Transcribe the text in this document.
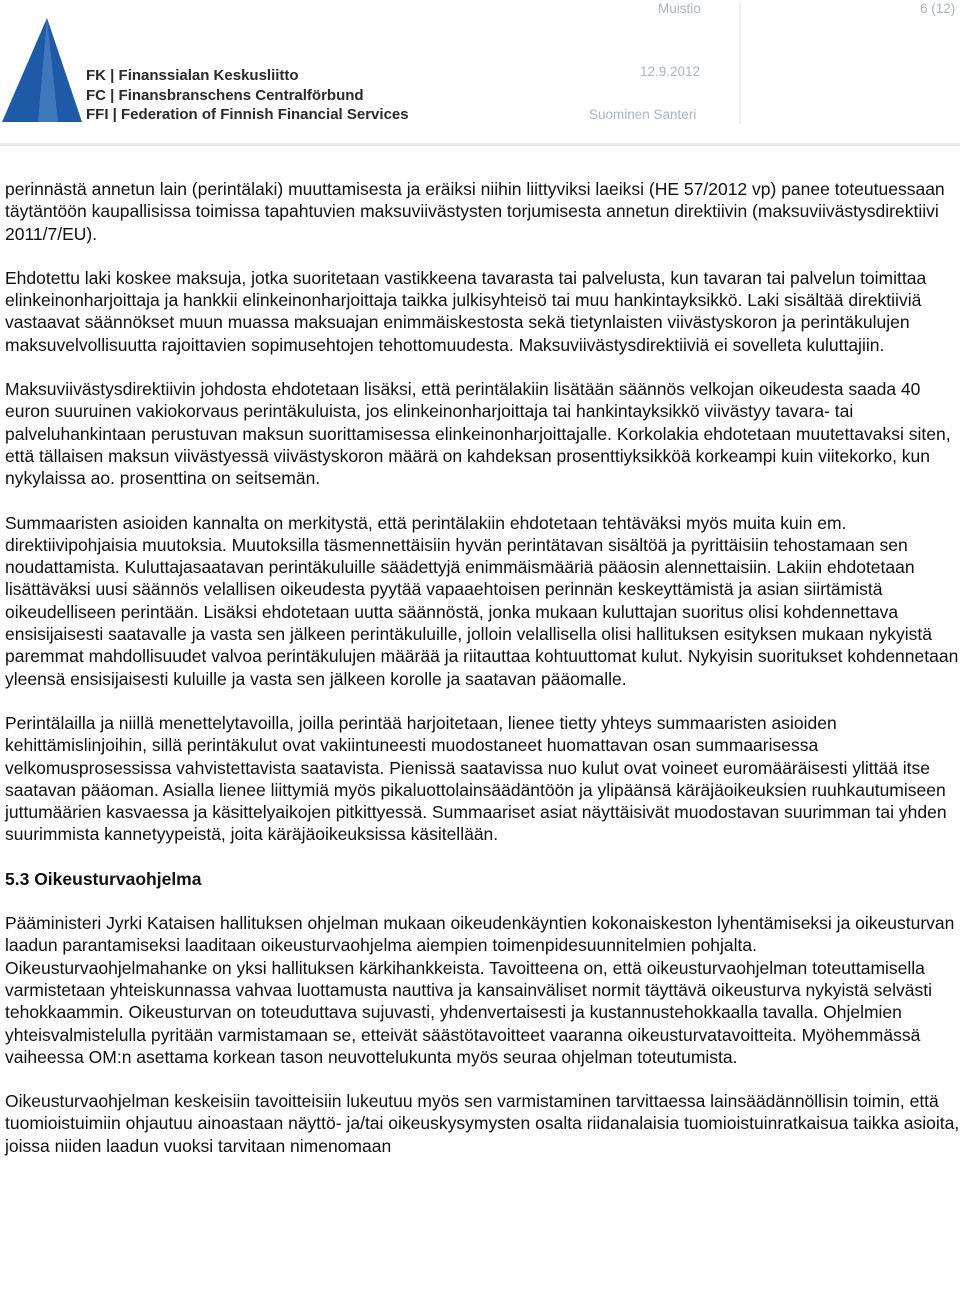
FK | Finanssialan Keskusliitto
FC | Finansbranschens Centralförbund
FFI | Federation of Finnish Financial Services
Muistio	6 (12)
12.9.2012
Suominen Santeri

perinnästä annetun lain (perintälaki) muuttamisesta ja eräiksi niihin liittyviksi laeiksi (HE 57/2012 vp) panee toteutuessaan täytäntöön kaupallisissa toimissa tapahtuvien maksuviivästysten torjumisesta annetun direktiivin (maksuviivästysdirektiivi 2011/7/EU).

Ehdotettu laki koskee maksuja, jotka suoritetaan vastikkeena tavarasta tai palvelusta, kun tavaran tai palvelun toimittaa elinkeinonharjoittaja ja hankkii elinkeinonharjoittaja taikka julkisyhteisö tai muu hankintayksikkö. Laki sisältää direktiiviä vastaavat säännökset muun muassa maksuajan enimmäiskestosta sekä tietynlaisten viivästyskoron ja perintäkulujen maksuvelvollisuutta rajoittavien sopimusehtojen tehottomuudesta. Maksuviivästysdirektiiviä ei sovelleta kuluttajiin.

Maksuviivästysdirektiivin johdosta ehdotetaan lisäksi, että perintälakiin lisätään säännös velkojan oikeudesta saada 40 euron suuruinen vakiokorvaus perintäkuluista, jos elinkeinonharjoittaja tai hankintayksikkö viivästyy tavara- tai palveluhankintaan perustuvan maksun suorittamisessa elinkeinonharjoittajalle. Korkolakia ehdotetaan muutettavaksi siten, että tällaisen maksun viivästyessä viivästyskoron määrä on kahdeksan prosenttiyksikköä korkeampi kuin viitekorko, kun nykylaissa ao. prosenttina on seitsemän.

Summaaristen asioiden kannalta on merkitystä, että perintälakiin ehdotetaan tehtäväksi myös muita kuin em. direktiivipohjaisia muutoksia. Muutoksilla täsmennettäisiin hyvän perintätavan sisältöä ja pyrittäisiin tehostamaan sen noudattamista. Kuluttajasaatavan perintäkuluille säädettyjä enimmäismääriä pääosin alennettaisiin. Lakiin ehdotetaan lisättäväksi uusi säännös velallisen oikeudesta pyytää vapaaehtoisen perinnän keskeyttämistä ja asian siirtämistä oikeudelliseen perintään. Lisäksi ehdotetaan uutta säännöstä, jonka mukaan kuluttajan suoritus olisi kohdennettava ensisijaisesti saatavalle ja vasta sen jälkeen perintäkuluille, jolloin velallisella olisi hallituksen esityksen mukaan nykyistä paremmat mahdollisuudet valvoa perintäkulujen määrää ja riitauttaa kohtuuttomat kulut. Nykyisin suoritukset kohdennetaan yleensä ensisijaisesti kuluille ja vasta sen jälkeen korolle ja saatavan pääomalle.

Perintälailla ja niillä menettelytavoilla, joilla perintää harjoitetaan, lienee tietty yhteys summaaristen asioiden kehittämislinjoihin, sillä perintäkulut ovat vakiintuneesti muodostaneet huomattavan osan summaarisessa velkomusprosessissa vahvistettavista saatavista. Pienissä saatavissa nuo kulut ovat voineet euromääräisesti ylittää itse saatavan pääoman. Asialla lienee liittymiä myös pikaluottolainsäädäntöön ja ylipäänsä käräjäoikeuksien ruuhkautumiseen juttumäärien kasvaessa ja käsittelyaikojen pitkittyessä. Summaariset asiat näyttäisivät muodostavan suurimman tai yhden suurimmista kannetyypeistä, joita käräjäoikeuksissa käsitellään.

5.3 Oikeusturvaohjelma

Pääministeri Jyrki Kataisen hallituksen ohjelman mukaan oikeudenkäyntien kokonaiskeston lyhentämiseksi ja oikeusturvan laadun parantamiseksi laaditaan oikeusturvaohjelma aiempien toimenpidesuunnitelmien pohjalta. Oikeusturvaohjelmahanke on yksi hallituksen kärkihankkeista. Tavoitteena on, että oikeusturvaohjelman toteuttamisella varmistetaan yhteiskunnassa vahvaa luottamusta nauttiva ja kansainväliset normit täyttävä oikeusturva nykyistä selvästi tehokkaammin. Oikeusturvan on toteuduttava sujuvasti, yhdenvertaisesti ja kustannustehokkaalla tavalla. Ohjelmien yhteisvalmistelulla pyritään varmistamaan se, etteivät säästötavoitteet vaaranna oikeusturvatavoitteita. Myöhemmässä vaiheessa OM:n asettama korkean tason neuvottelukunta myös seuraa ohjelman toteutumista.

Oikeusturvaohjelman keskeisiin tavoitteisiin lukeutuu myös sen varmistaminen tarvittaessa lainsäädännöllisin toimin, että tuomioistuimiin ohjautuu ainoastaan näyttö- ja/tai oikeuskysymysten osalta riidanalaisia tuomioistuinratkaisua taikka asioita, joissa niiden laadun vuoksi tarvitaan nimenomaan
